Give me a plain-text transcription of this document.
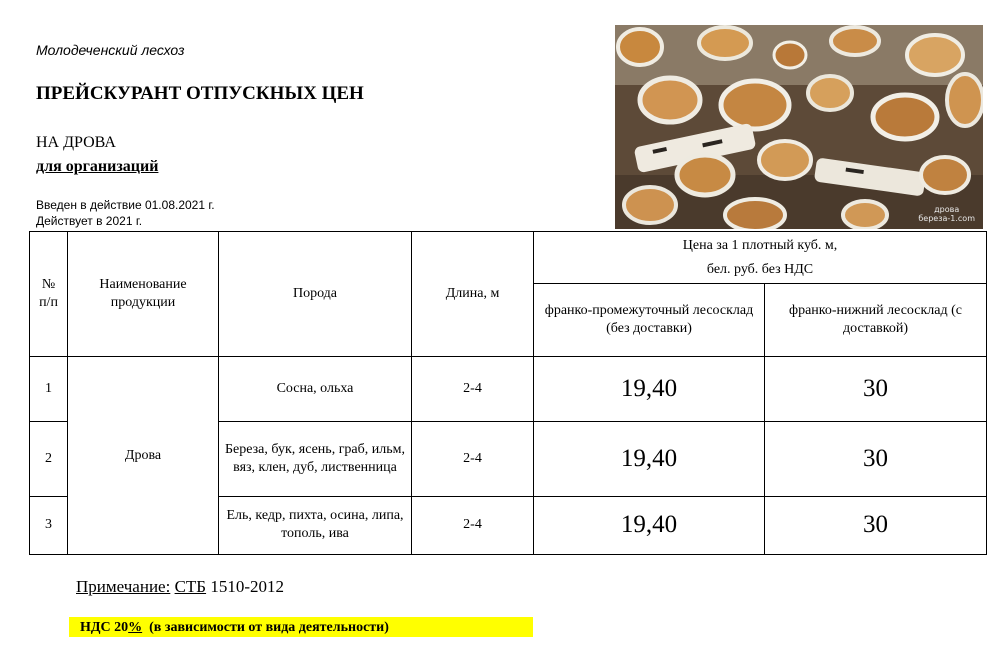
Молодеченский лесхоз
ПРЕЙСКУРАНТ ОТПУСКНЫХ ЦЕН
НА ДРОВА
для организаций
Введен в действие 01.08.2021 г.
Действует в 2021 г.
дрова
береза-1.com
№ п/п	Наименование продукции	Порода	Длина, м	Цена за 1 плотный куб. м,
бел. руб. без НДС	

				франко-промежуточный лесосклад (без доставки)	франко-нижний лесосклад (с доставкой)
1	Дрова	Сосна, ольха	2-4	19,40	30
2		Береза, бук, ясень, граб, ильм, вяз, клен, дуб, лиственница	2-4	19,40	30
3		Ель, кедр, пихта, осина, липа, тополь, ива	2-4	19,40	30
Примечание: СТБ 1510-2012
НДС 20% (в зависимости от вида деятельности)
